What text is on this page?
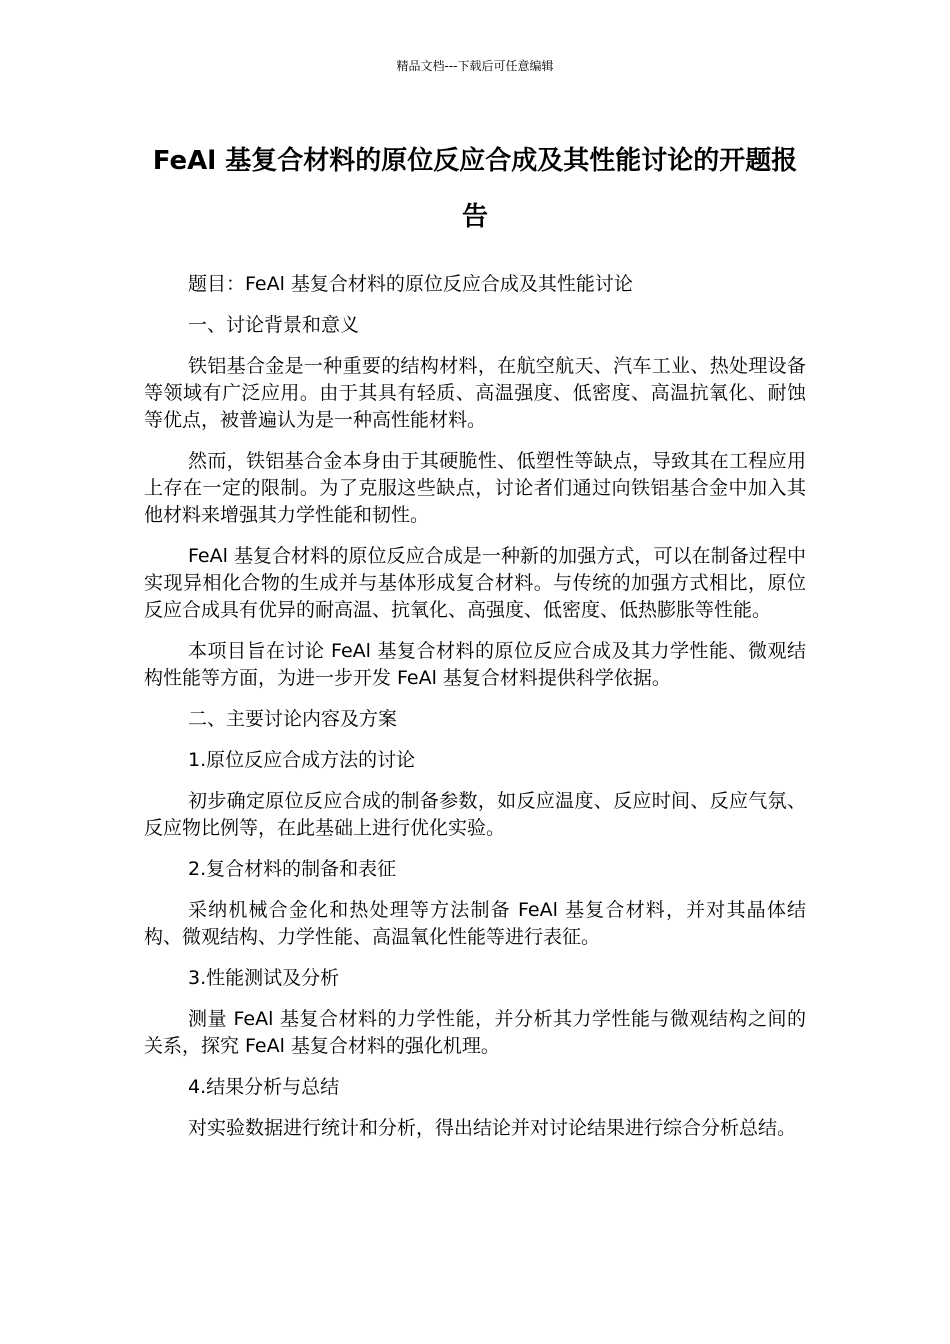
精品文档---下载后可任意编辑
FeAl 基复合材料的原位反应合成及其性能讨论的开题报告

题目：FeAl 基复合材料的原位反应合成及其性能讨论

一、讨论背景和意义

铁铝基合金是一种重要的结构材料，在航空航天、汽车工业、热处理设备等领域有广泛应用。由于其具有轻质、高温强度、低密度、高温抗氧化、耐蚀等优点，被普遍认为是一种高性能材料。

然而，铁铝基合金本身由于其硬脆性、低塑性等缺点，导致其在工程应用上存在一定的限制。为了克服这些缺点，讨论者们通过向铁铝基合金中加入其他材料来增强其力学性能和韧性。

FeAl 基复合材料的原位反应合成是一种新的加强方式，可以在制备过程中实现异相化合物的生成并与基体形成复合材料。与传统的加强方式相比，原位反应合成具有优异的耐高温、抗氧化、高强度、低密度、低热膨胀等性能。

本项目旨在讨论 FeAl 基复合材料的原位反应合成及其力学性能、微观结构性能等方面，为进一步开发 FeAl 基复合材料提供科学依据。

二、主要讨论内容及方案

1.原位反应合成方法的讨论

初步确定原位反应合成的制备参数，如反应温度、反应时间、反应气氛、反应物比例等，在此基础上进行优化实验。

2.复合材料的制备和表征

采纳机械合金化和热处理等方法制备 FeAl 基复合材料，并对其晶体结构、微观结构、力学性能、高温氧化性能等进行表征。

3.性能测试及分析

测量 FeAl 基复合材料的力学性能，并分析其力学性能与微观结构之间的关系，探究 FeAl 基复合材料的强化机理。

4.结果分析与总结

对实验数据进行统计和分析，得出结论并对讨论结果进行综合分析总结。
